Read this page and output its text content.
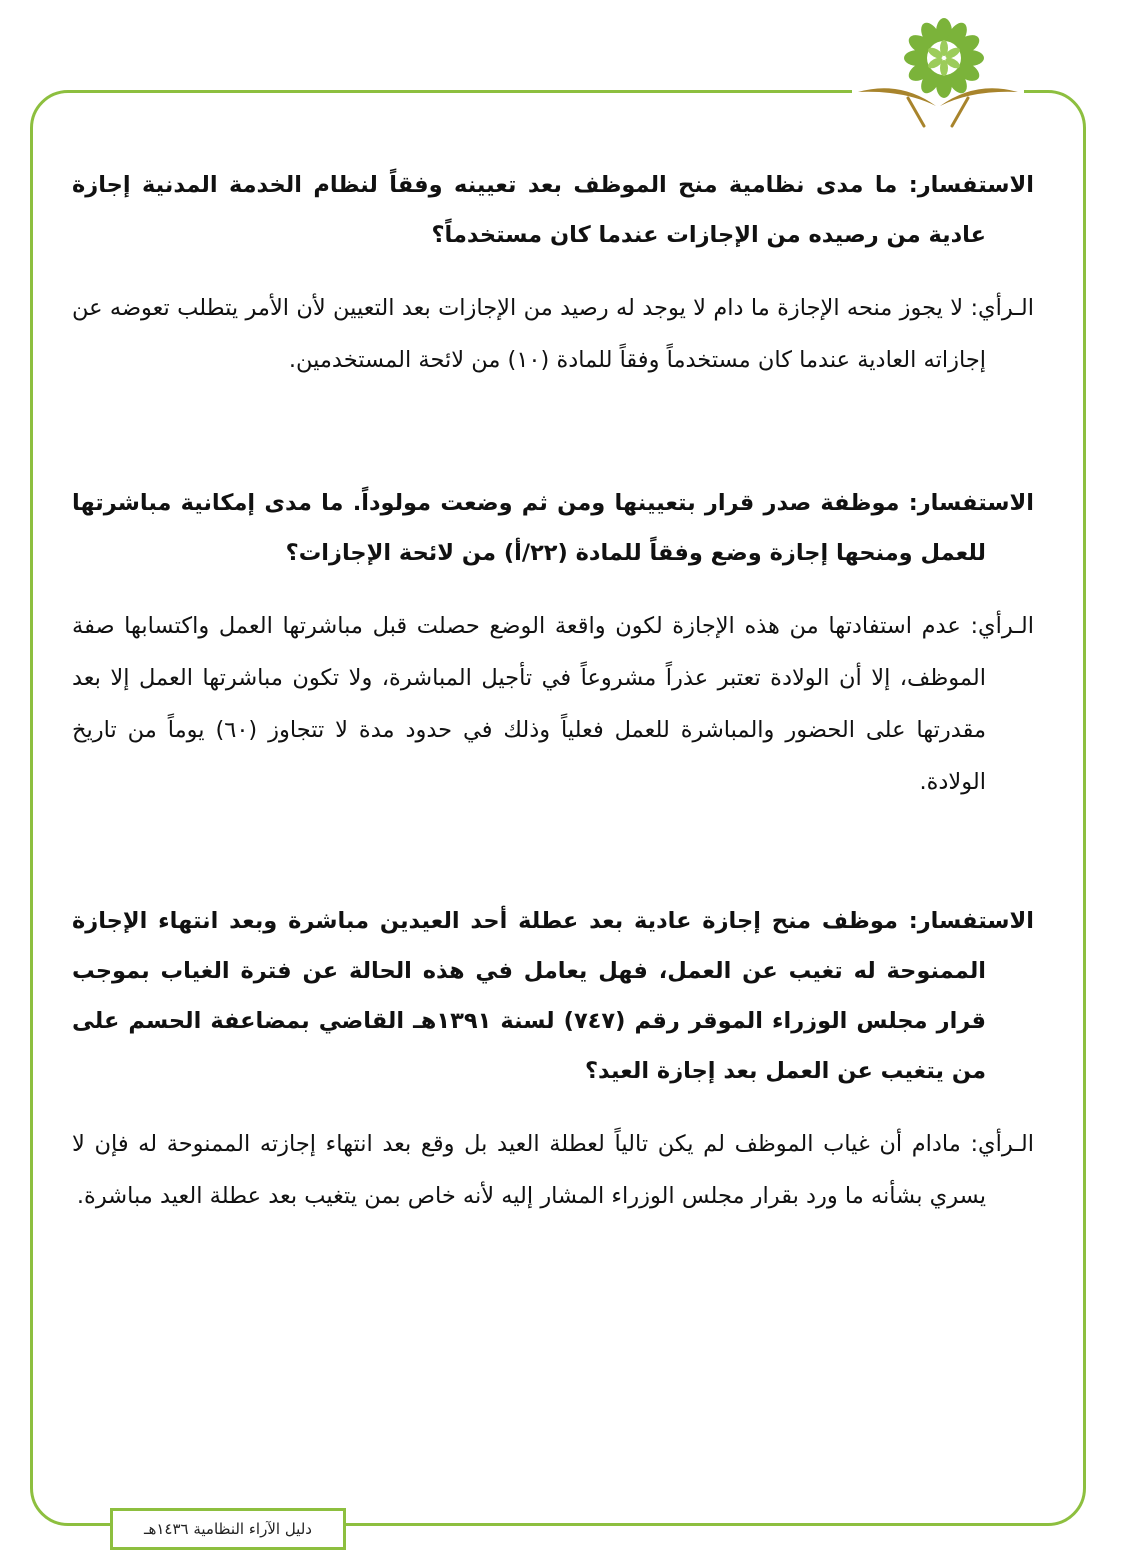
الاستفسار: ما مدى نظامية منح الموظف بعد تعيينه وفقاً لنظام الخدمة المدنية إجازة عادية من رصيده من الإجازات عندما كان مستخدماً؟

الـرأي: لا يجوز منحه الإجازة ما دام لا يوجد له رصيد من الإجازات بعد التعيين لأن الأمر يتطلب تعوضه عن إجازاته العادية عندما كان مستخدماً وفقاً للمادة (١٠) من لائحة المستخدمين.

الاستفسار: موظفة صدر قرار بتعيينها ومن ثم وضعت مولوداً. ما مدى إمكانية مباشرتها للعمل ومنحها إجازة وضع وفقاً للمادة (٢٢/أ) من لائحة الإجازات؟

الـرأي: عدم استفادتها من هذه الإجازة لكون واقعة الوضع حصلت قبل مباشرتها العمل واكتسابها صفة الموظف، إلا أن الولادة تعتبر عذراً مشروعاً في تأجيل المباشرة، ولا تكون مباشرتها العمل إلا بعد مقدرتها على الحضور والمباشرة للعمل فعلياً وذلك في حدود مدة لا تتجاوز (٦٠) يوماً من تاريخ الولادة.

الاستفسار: موظف منح إجازة عادية بعد عطلة أحد العيدين مباشرة وبعد انتهاء الإجازة الممنوحة له تغيب عن العمل، فهل يعامل في هذه الحالة عن فترة الغياب بموجب قرار مجلس الوزراء الموقر رقم (٧٤٧) لسنة ١٣٩١هـ القاضي بمضاعفة الحسم على من يتغيب عن العمل بعد إجازة العيد؟

الـرأي: مادام أن غياب الموظف لم يكن تالياً لعطلة العيد بل وقع بعد انتهاء إجازته الممنوحة له فإن لا يسري بشأنه ما ورد بقرار مجلس الوزراء المشار إليه لأنه خاص بمن يتغيب بعد عطلة العيد مباشرة.

دليل الآراء النظامية ١٤٣٦هـ
